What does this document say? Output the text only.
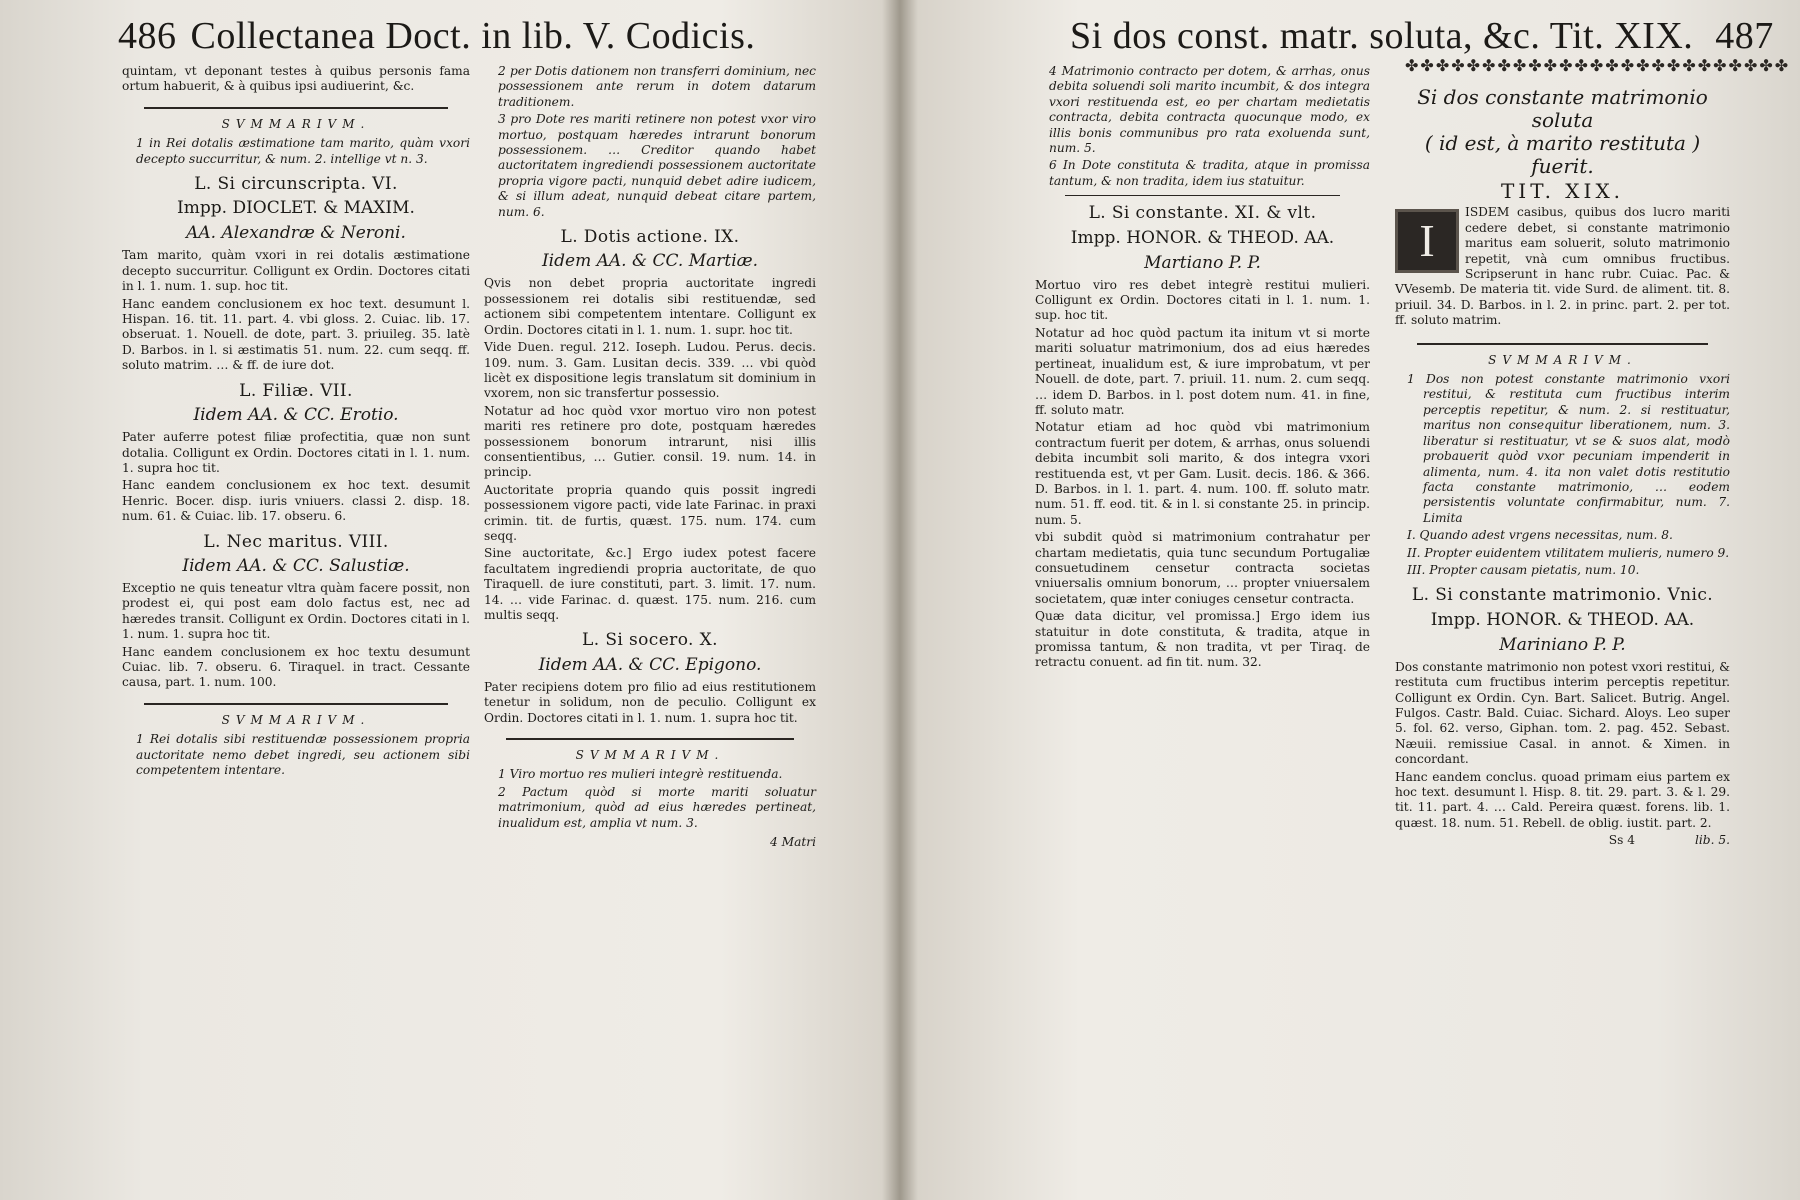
486 Collectanea Doct. in lib. V. Codicis.

quintam, vt deponant testes à quibus personis fama ortum habuerit, & à quibus ipsi audiuerint, &c.

SVMMARIVM.

1 in Rei dotalis æstimatione tam marito, quàm vxori decepto succurritur, & num. 2. intellige vt n. 3.

L. Si circunscripta. VI.
Impp. DIOCLET. & MAXIM.
AA. Alexandræ & Neroni.

Tam marito, quàm vxori in rei dotalis æstimatione decepto succurritur. Colligunt ex Ordin. Doctores citati in l. 1. num. 1. sup. hoc tit.

Hanc eandem conclusionem ex hoc text. desumunt l. Hispan. 16. tit. 11. part. 4. vbi gloss. 2. Cuiac. lib. 17. obseruat. 1. Nouell. de dote, part. 3. priuileg. 35. latè D. Barbos. in l. si æstimatis 51. num. 22. cum seqq. ff. soluto matrim. … & ff. de iure dot.

L. Filiæ. VII.
Iidem AA. & CC. Erotio.

Pater auferre potest filiæ profectitia, quæ non sunt dotalia. Colligunt ex Ordin. Doctores citati in l. 1. num. 1. supra hoc tit.

Hanc eandem conclusionem ex hoc text. desumit Henric. Bocer. disp. iuris vniuers. classi 2. disp. 18. num. 61. & Cuiac. lib. 17. obseru. 6.

L. Nec maritus. VIII.
Iidem AA. & CC. Salustiæ.

Exceptio ne quis teneatur vltra quàm facere possit, non prodest ei, qui post eam dolo factus est, nec ad hæredes transit. Colligunt ex Ordin. Doctores citati in l. 1. num. 1. supra hoc tit.

Hanc eandem conclusionem ex hoc textu desumunt Cuiac. lib. 7. obseru. 6. Tiraquel. in tract. Cessante causa, part. 1. num. 100.

SVMMARIVM.

1 Rei dotalis sibi restituendæ possessionem propria auctoritate nemo debet ingredi, seu actionem sibi competentem intentare.

2 per Dotis dationem non transferri dominium, nec possessionem ante rerum in dotem datarum traditionem.

3 pro Dote res mariti retinere non potest vxor viro mortuo, postquam hæredes intrarunt bonorum possessionem. … Creditor quando habet auctoritatem ingrediendi possessionem auctoritate propria vigore pacti, nunquid debet adire iudicem, & si illum adeat, nunquid debeat citare partem, num. 6.

L. Dotis actione. IX.
Iidem AA. & CC. Martiæ.

Qvis non debet propria auctoritate ingredi possessionem rei dotalis sibi restituendæ, sed actionem sibi competentem intentare. Colligunt ex Ordin. Doctores citati in l. 1. num. 1. supr. hoc tit.

Vide Duen. regul. 212. Ioseph. Ludou. Perus. decis. 109. num. 3. Gam. Lusitan decis. 339. … vbi quòd licèt ex dispositione legis translatum sit dominium in vxorem, non sic transfertur possessio.

Notatur ad hoc quòd vxor mortuo viro non potest mariti res retinere pro dote, postquam hæredes possessionem bonorum intrarunt, nisi illis consentientibus, … Gutier. consil. 19. num. 14. in princip.

Auctoritate propria quando quis possit ingredi possessionem vigore pacti, vide late Farinac. in praxi crimin. tit. de furtis, quæst. 175. num. 174. cum seqq.

Sine auctoritate, &c.] Ergo iudex potest facere facultatem ingrediendi propria auctoritate, de quo Tiraquell. de iure constituti, part. 3. limit. 17. num. 14. … vide Farinac. d. quæst. 175. num. 216. cum multis seqq.

L. Si socero. X.
Iidem AA. & CC. Epigono.

Pater recipiens dotem pro filio ad eius restitutionem tenetur in solidum, non de peculio. Colligunt ex Ordin. Doctores citati in l. 1. num. 1. supra hoc tit.

SVMMARIVM.

1 Viro mortuo res mulieri integrè restituenda.

2 Pactum quòd si morte mariti soluatur matrimonium, quòd ad eius hæredes pertineat, inualidum est, amplia vt num. 3.

4 Matri

Si dos const. matr. soluta, &c. Tit. XIX. 487
✤✤✤✤✤✤✤✤✤✤✤✤✤✤✤✤✤✤✤✤✤✤✤✤✤

4 Matrimonio contracto per dotem, & arrhas, onus debita soluendi soli marito incumbit, & dos integra vxori restituenda est, eo per chartam medietatis contracta, debita contracta quocunque modo, ex illis bonis communibus pro rata exoluenda sunt, num. 5.

6 In Dote constituta & tradita, atque in promissa tantum, & non tradita, idem ius statuitur.

L. Si constante. XI. & vlt.
Impp. HONOR. & THEOD. AA.
Martiano P. P.

Mortuo viro res debet integrè restitui mulieri. Colligunt ex Ordin. Doctores citati in l. 1. num. 1. sup. hoc tit.

Notatur ad hoc quòd pactum ita initum vt si morte mariti soluatur matrimonium, dos ad eius hæredes pertineat, inualidum est, & iure improbatum, vt per Nouell. de dote, part. 7. priuil. 11. num. 2. cum seqq. … idem D. Barbos. in l. post dotem num. 41. in fine, ff. soluto matr.

Notatur etiam ad hoc quòd vbi matrimonium contractum fuerit per dotem, & arrhas, onus soluendi debita incumbit soli marito, & dos integra vxori restituenda est, vt per Gam. Lusit. decis. 186. & 366. D. Barbos. in l. 1. part. 4. num. 100. ff. soluto matr. num. 51. ff. eod. tit. & in l. si constante 25. in princip. num. 5.

vbi subdit quòd si matrimonium contrahatur per chartam medietatis, quia tunc secundum Portugaliæ consuetudinem censetur contracta societas vniuersalis omnium bonorum, … propter vniuersalem societatem, quæ inter coniuges censetur contracta.

Quæ data dicitur, vel promissa.] Ergo idem ius statuitur in dote constituta, & tradita, atque in promissa tantum, & non tradita, vt per Tiraq. de retractu conuent. ad fin tit. num. 32.

Si dos constante matrimonio soluta
( id est, à marito restituta )
fuerit.
TIT. XIX.

I
ISDEM casibus, quibus dos lucro mariti cedere debet, si constante matrimonio maritus eam soluerit, soluto matrimonio repetit, vnà cum omnibus fructibus. Scripserunt in hanc rubr. Cuiac. Pac. & VVesemb. De materia tit. vide Surd. de aliment. tit. 8. priuil. 34. D. Barbos. in l. 2. in princ. part. 2. per tot. ff. soluto matrim.

SVMMARIVM.

1 Dos non potest constante matrimonio vxori restitui, & restituta cum fructibus interim perceptis repetitur, & num. 2. si restituatur, maritus non consequitur liberationem, num. 3. liberatur si restituatur, vt se & suos alat, modò probauerit quòd vxor pecuniam impenderit in alimenta, num. 4. ita non valet dotis restitutio facta constante matrimonio, … eodem persistentis voluntate confirmabitur, num. 7. Limita

I. Quando adest vrgens necessitas, num. 8.

II. Propter euidentem vtilitatem mulieris, numero 9.

III. Propter causam pietatis, num. 10.

L. Si constante matrimonio. Vnic.
Impp. HONOR. & THEOD. AA.
Mariniano P. P.

Dos constante matrimonio non potest vxori restitui, & restituta cum fructibus interim perceptis repetitur. Colligunt ex Ordin. Cyn. Bart. Salicet. Butrig. Angel. Fulgos. Castr. Bald. Cuiac. Sichard. Aloys. Leo super 5. fol. 62. verso, Giphan. tom. 2. pag. 452. Sebast. Næuii. remissiue Casal. in annot. & Ximen. in concordant.

Hanc eandem conclus. quoad primam eius partem ex hoc text. desumunt l. Hisp. 8. tit. 29. part. 3. & l. 29. tit. 11. part. 4. … Cald. Pereira quæst. forens. lib. 1. quæst. 18. num. 51. Rebell. de oblig. iustit. part. 2.

Ss 4	lib. 5.
